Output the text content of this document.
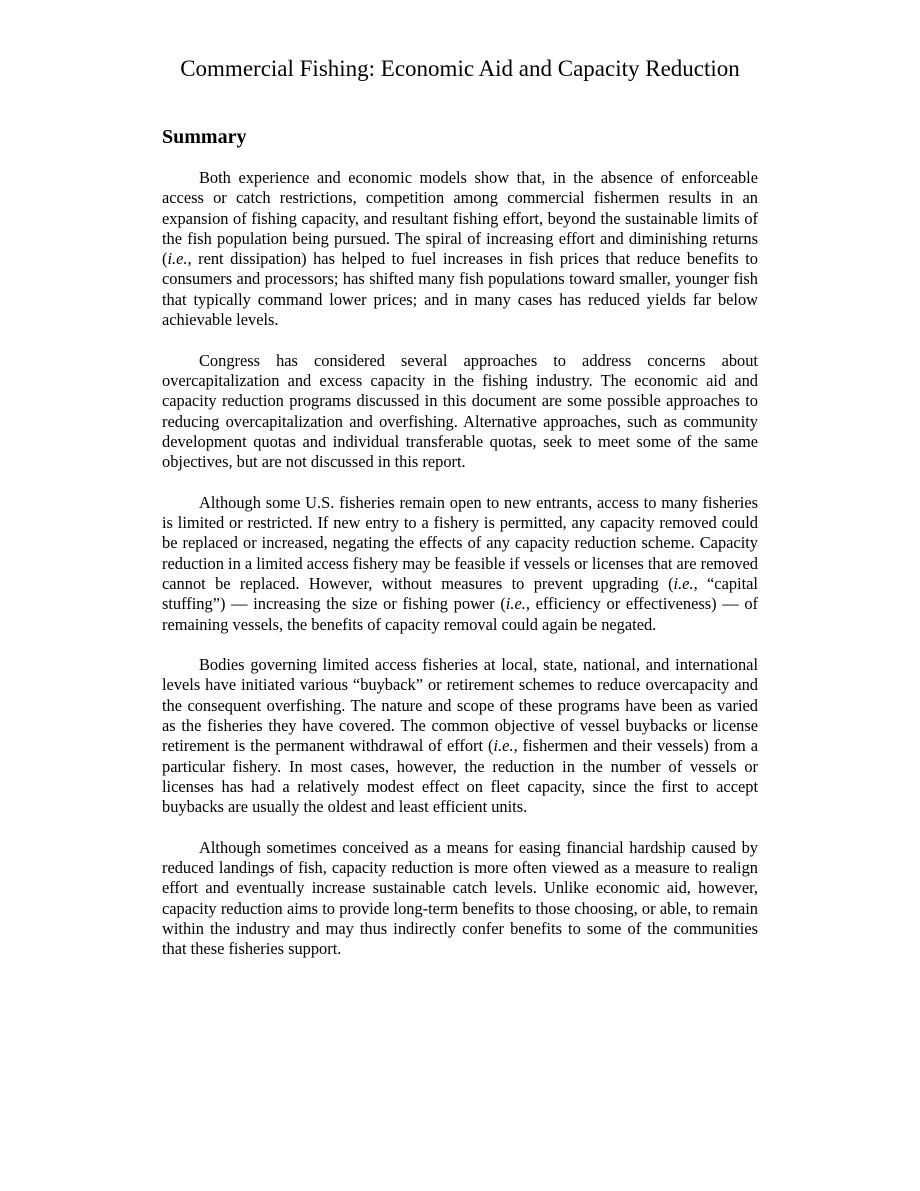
Commercial Fishing: Economic Aid and Capacity Reduction
Summary

Both experience and economic models show that, in the absence of enforceable access or catch restrictions, competition among commercial fishermen results in an expansion of fishing capacity, and resultant fishing effort, beyond the sustainable limits of the fish population being pursued. The spiral of increasing effort and diminishing returns (i.e., rent dissipation) has helped to fuel increases in fish prices that reduce benefits to consumers and processors; has shifted many fish populations toward smaller, younger fish that typically command lower prices; and in many cases has reduced yields far below achievable levels.

Congress has considered several approaches to address concerns about overcapitalization and excess capacity in the fishing industry. The economic aid and capacity reduction programs discussed in this document are some possible approaches to reducing overcapitalization and overfishing. Alternative approaches, such as community development quotas and individual transferable quotas, seek to meet some of the same objectives, but are not discussed in this report.

Although some U.S. fisheries remain open to new entrants, access to many fisheries is limited or restricted. If new entry to a fishery is permitted, any capacity removed could be replaced or increased, negating the effects of any capacity reduction scheme. Capacity reduction in a limited access fishery may be feasible if vessels or licenses that are removed cannot be replaced. However, without measures to prevent upgrading (i.e., “capital stuffing”) — increasing the size or fishing power (i.e., efficiency or effectiveness) — of remaining vessels, the benefits of capacity removal could again be negated.

Bodies governing limited access fisheries at local, state, national, and international levels have initiated various “buyback” or retirement schemes to reduce overcapacity and the consequent overfishing. The nature and scope of these programs have been as varied as the fisheries they have covered. The common objective of vessel buybacks or license retirement is the permanent withdrawal of effort (i.e., fishermen and their vessels) from a particular fishery. In most cases, however, the reduction in the number of vessels or licenses has had a relatively modest effect on fleet capacity, since the first to accept buybacks are usually the oldest and least efficient units.

Although sometimes conceived as a means for easing financial hardship caused by reduced landings of fish, capacity reduction is more often viewed as a measure to realign effort and eventually increase sustainable catch levels. Unlike economic aid, however, capacity reduction aims to provide long-term benefits to those choosing, or able, to remain within the industry and may thus indirectly confer benefits to some of the communities that these fisheries support.
